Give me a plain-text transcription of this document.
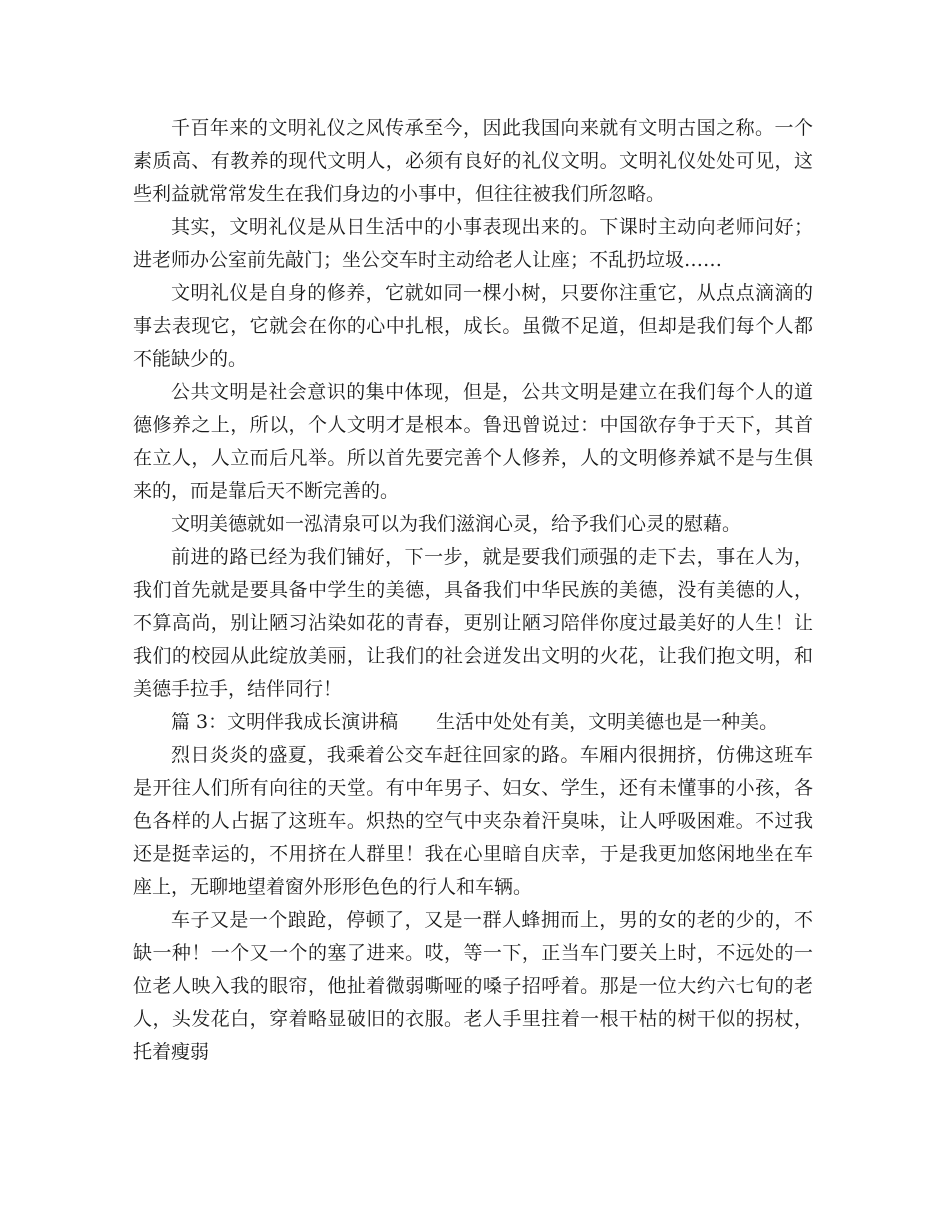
千百年来的文明礼仪之风传承至今，因此我国向来就有文明古国之称。一个素质高、有教养的现代文明人，必须有良好的礼仪文明。文明礼仪处处可见，这些利益就常常发生在我们身边的小事中，但往往被我们所忽略。

其实，文明礼仪是从日生活中的小事表现出来的。下课时主动向老师问好；进老师办公室前先敲门；坐公交车时主动给老人让座；不乱扔垃圾……

文明礼仪是自身的修养，它就如同一棵小树，只要你注重它，从点点滴滴的事去表现它，它就会在你的心中扎根，成长。虽微不足道，但却是我们每个人都不能缺少的。

公共文明是社会意识的集中体现，但是，公共文明是建立在我们每个人的道德修养之上，所以，个人文明才是根本。鲁迅曾说过：中国欲存争于天下，其首在立人，人立而后凡举。所以首先要完善个人修养，人的文明修养斌不是与生俱来的，而是靠后天不断完善的。

文明美德就如一泓清泉可以为我们滋润心灵，给予我们心灵的慰藉。

前进的路已经为我们铺好，下一步，就是要我们顽强的走下去，事在人为，我们首先就是要具备中学生的美德，具备我们中华民族的美德，没有美德的人，不算高尚，别让陋习沾染如花的青春，更别让陋习陪伴你度过最美好的人生！让我们的校园从此绽放美丽，让我们的社会迸发出文明的火花，让我们抱文明，和美德手拉手，结伴同行！

篇 3：文明伴我成长演讲稿 生活中处处有美，文明美德也是一种美。

烈日炎炎的盛夏，我乘着公交车赶往回家的路。车厢内很拥挤，仿佛这班车是开往人们所有向往的天堂。有中年男子、妇女、学生，还有未懂事的小孩，各色各样的人占据了这班车。炽热的空气中夹杂着汗臭味，让人呼吸困难。不过我还是挺幸运的，不用挤在人群里！我在心里暗自庆幸，于是我更加悠闲地坐在车座上，无聊地望着窗外形形色色的行人和车辆。

车子又是一个踉跄，停顿了，又是一群人蜂拥而上，男的女的老的少的，不缺一种！一个又一个的塞了进来。哎，等一下，正当车门要关上时，不远处的一位老人映入我的眼帘，他扯着微弱嘶哑的嗓子招呼着。那是一位大约六七旬的老人，头发花白，穿着略显破旧的衣服。老人手里拄着一根干枯的树干似的拐杖，托着瘦弱
